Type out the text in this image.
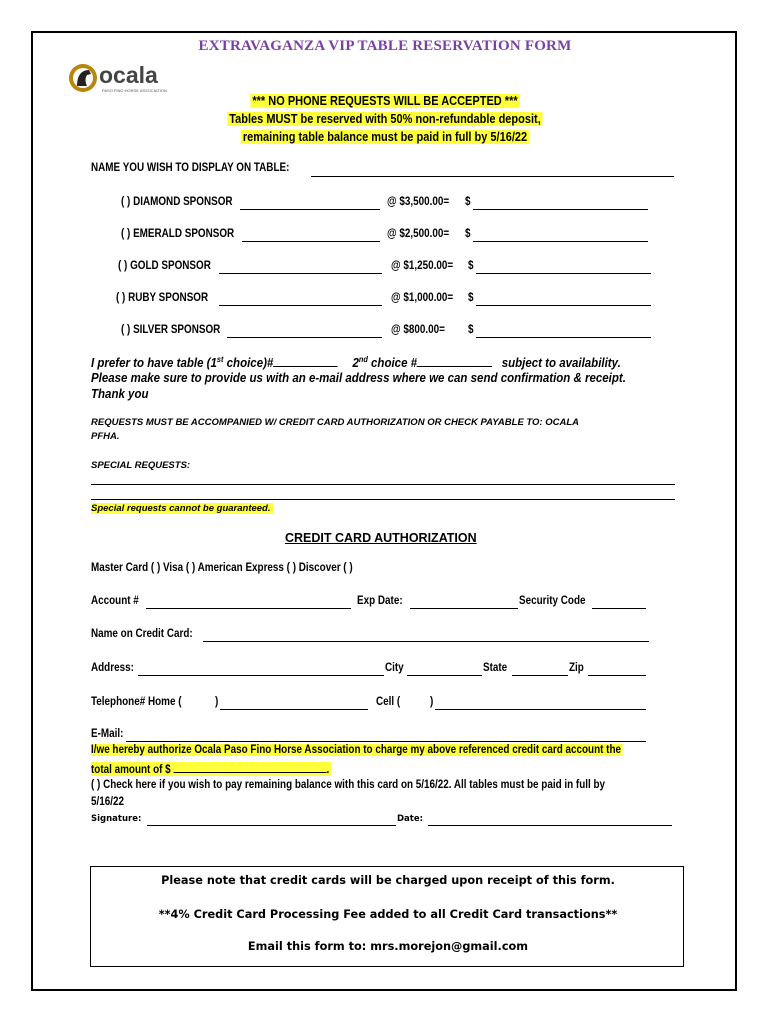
EXTRAVAGANZA VIP TABLE RESERVATION FORM
ocala
PASO FINO HORSE ASSOCIATION
*** NO PHONE REQUESTS WILL BE ACCEPTED ***
Tables MUST be reserved with 50% non-refundable deposit,
remaining table balance must be paid in full by 5/16/22
NAME YOU WISH TO DISPLAY ON TABLE:
( ) DIAMOND SPONSOR	@ $3,500.00= $
( ) EMERALD SPONSOR	@ $2,500.00= $
( ) GOLD SPONSOR	@ $1,250.00= $
( ) RUBY SPONSOR	@ $1,000.00= $
( ) SILVER SPONSOR	@ $800.00= $
I prefer to have table (1st choice)#	2nd choice #	subject to availability.
Please make sure to provide us with an e-mail address where we can send confirmation & receipt.
Thank you
REQUESTS MUST BE ACCOMPANIED W/ CREDIT CARD AUTHORIZATION OR CHECK PAYABLE TO: OCALA
PFHA.
SPECIAL REQUESTS:
Special requests cannot be guaranteed.
CREDIT CARD AUTHORIZATION
Master Card ( ) Visa ( ) American Express ( ) Discover ( )
Account #	Exp Date:	Security Code
Name on Credit Card:
Address:	City	State	Zip
Telephone# Home (	)	Cell (	)
E-Mail:
I/we hereby authorize Ocala Paso Fino Horse Association to charge my above referenced credit card account the
total amount of $	.
( ) Check here if you wish to pay remaining balance with this card on 5/16/22. All tables must be paid in full by
5/16/22
Signature:	Date:
Please note that credit cards will be charged upon receipt of this form.
**4% Credit Card Processing Fee added to all Credit Card transactions**
Email this form to: mrs.morejon@gmail.com
